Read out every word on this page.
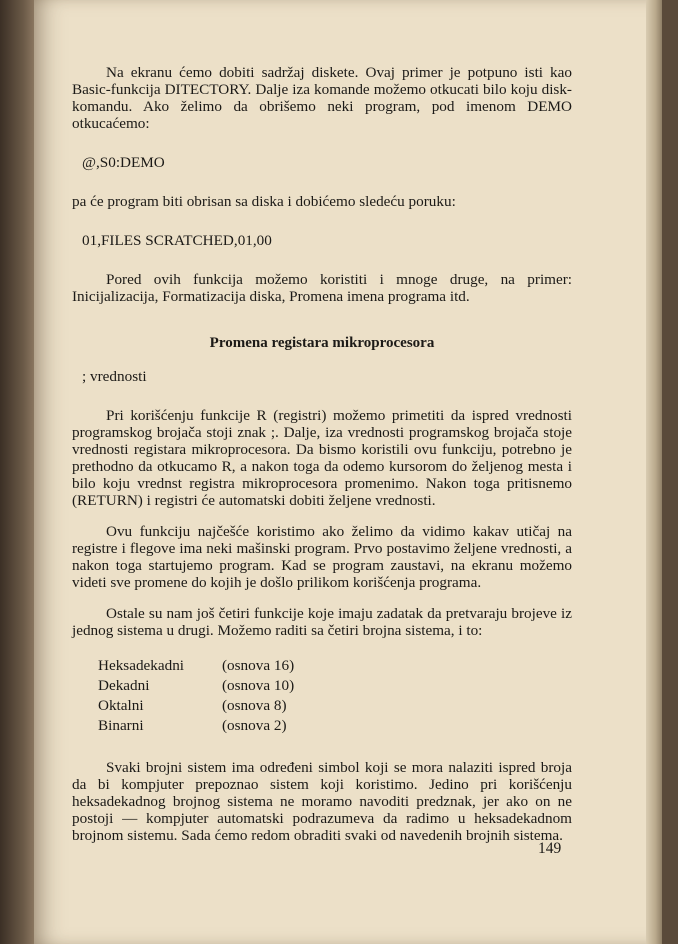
Na ekranu ćemo dobiti sadržaj diskete. Ovaj primer je potpuno isti kao Basic-funkcija DITECTORY. Dalje iza komande možemo otkucati bilo koju disk-komandu. Ako želimo da obrišemo neki program, pod imenom DEMO otkucaćemo:

@,S0:DEMO

pa će program biti obrisan sa diska i dobićemo sledeću poruku:

01,FILES SCRATCHED,01,00

Pored ovih funkcija možemo koristiti i mnoge druge, na primer: Inicijalizacija, Formatizacija diska, Promena imena programa itd.

Promena registara mikroprocesora
; vrednosti

Pri korišćenju funkcije R (registri) možemo primetiti da ispred vrednosti programskog brojača stoji znak ;. Dalje, iza vrednosti programskog brojača stoje vrednosti registara mikroprocesora. Da bismo koristili ovu funkciju, potrebno je prethodno da otkucamo R, a nakon toga da odemo kursorom do željenog mesta i bilo koju vrednst registra mikroprocesora promenimo. Nakon toga pritisnemo (RETURN) i registri će automatski dobiti željene vrednosti.

Ovu funkciju najčešće koristimo ako želimo da vidimo kakav utičaj na registre i flegove ima neki mašinski program. Prvo postavimo željene vrednosti, a nakon toga startujemo program. Kad se program zaustavi, na ekranu možemo videti sve promene do kojih je došlo prilikom korišćenja programa.

Ostale su nam još četiri funkcije koje imaju zadatak da pretvaraju brojeve iz jednog sistema u drugi. Možemo raditi sa četiri brojna sistema, i to:

Heksadekadni	(osnova 16)
Dekadni	(osnova 10)
Oktalni	(osnova 8)
Binarni	(osnova 2)

Svaki brojni sistem ima određeni simbol koji se mora nalaziti ispred broja da bi kompjuter prepoznao sistem koji koristimo. Jedino pri korišćenju heksadekadnog brojnog sistema ne moramo navoditi predznak, jer ako on ne postoji — kompjuter automatski podrazumeva da radimo u heksadekadnom brojnom sistemu. Sada ćemo redom obraditi svaki od navedenih brojnih sistema.

149
